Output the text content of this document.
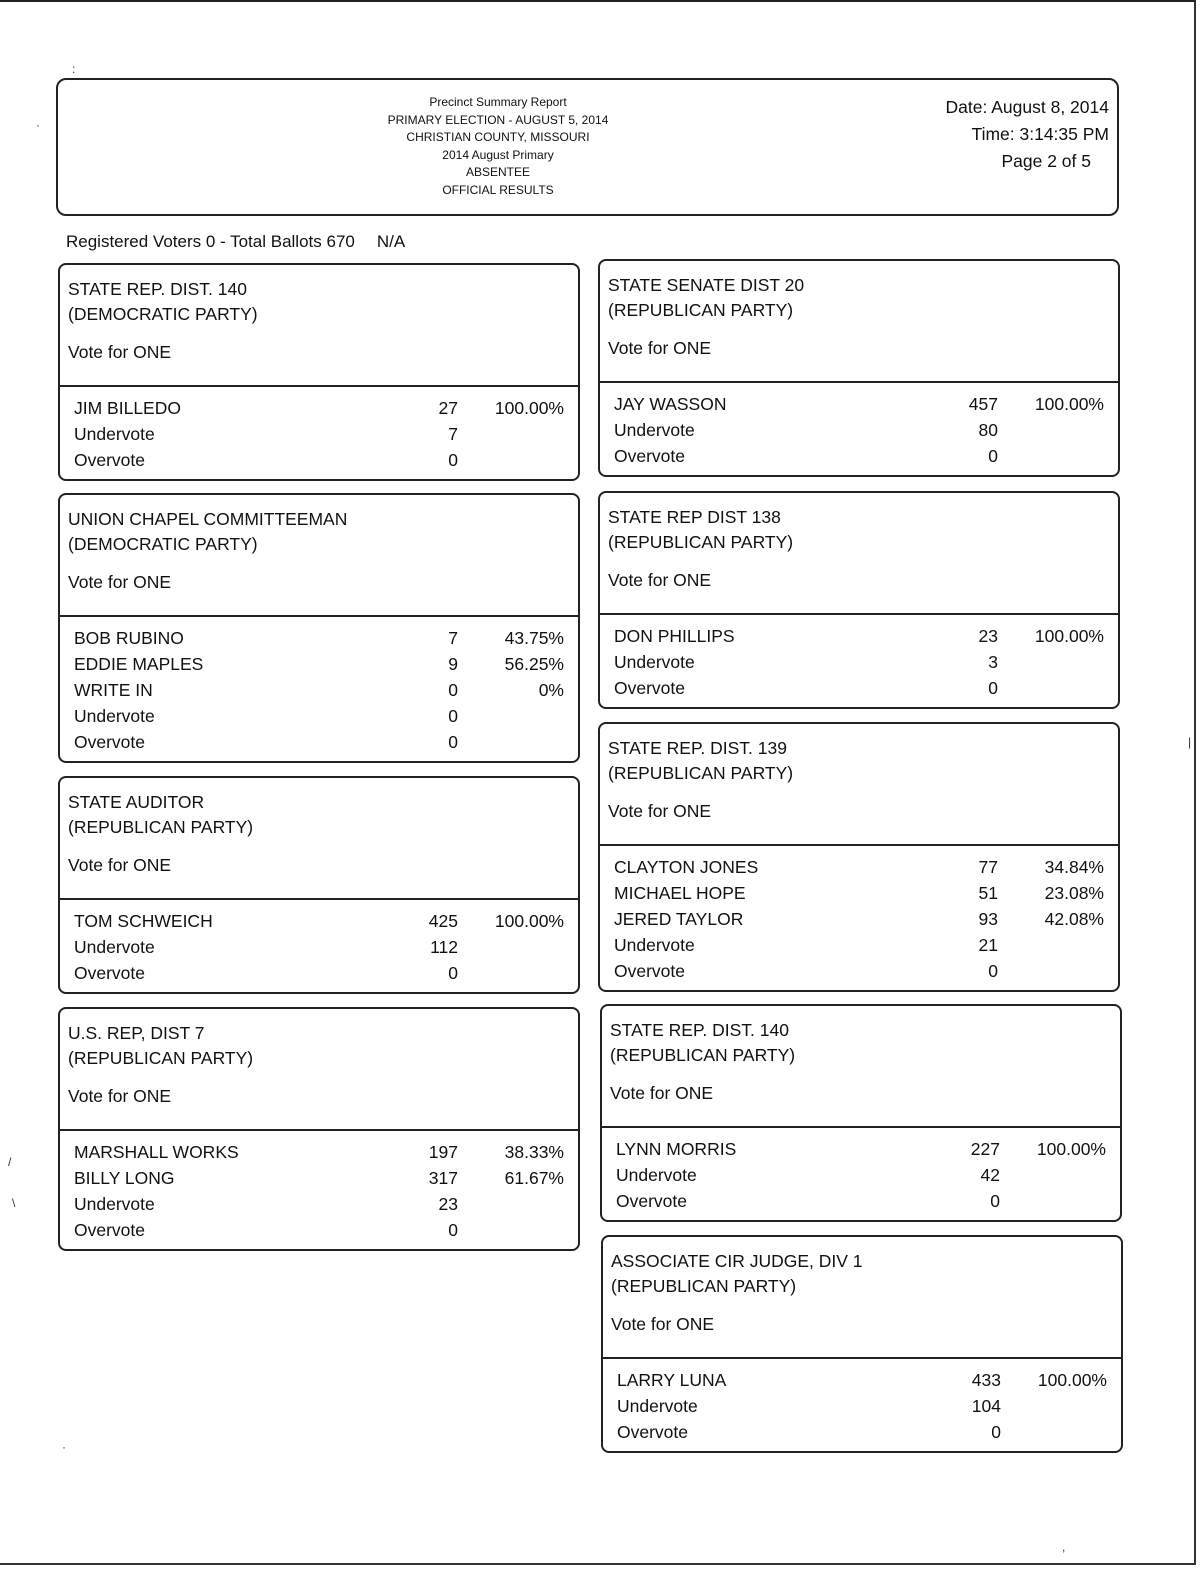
:
·
Precinct Summary Report
PRIMARY ELECTION - AUGUST 5, 2014
CHRISTIAN COUNTY, MISSOURI
2014 August Primary
ABSENTEE
OFFICIAL RESULTS
Date: August 8, 2014
Time: 3:14:35 PM
Page 2 of 5
Registered Voters 0 - Total Ballots 670 N/A
STATE REP. DIST. 140
(DEMOCRATIC PARTY)
Vote for ONE
JIM BILLEDO	27 100.00%
Undervote	7
Overvote	0
UNION CHAPEL COMMITTEEMAN
(DEMOCRATIC PARTY)
Vote for ONE
BOB RUBINO	7	43.75%
EDDIE MAPLES	9	56.25%
WRITE IN	0	0%
Undervote	0
Overvote	0
STATE AUDITOR
(REPUBLICAN PARTY)
Vote for ONE
TOM SCHWEICH	425 100.00%
Undervote	112
Overvote	0
U.S. REP, DIST 7
(REPUBLICAN PARTY)
Vote for ONE
MARSHALL WORKS	197	38.33%
BILLY LONG	317	61.67%
Undervote	23
Overvote	0
STATE SENATE DIST 20
(REPUBLICAN PARTY)
Vote for ONE
JAY WASSON	457 100.00%
Undervote	80
Overvote	0
STATE REP DIST 138
(REPUBLICAN PARTY)
Vote for ONE
DON PHILLIPS	23 100.00%
Undervote	3
Overvote	0
STATE REP. DIST. 139
(REPUBLICAN PARTY)
Vote for ONE
CLAYTON JONES	77	34.84%
MICHAEL HOPE	51	23.08%
JERED TAYLOR	93	42.08%
Undervote	21
Overvote	0
STATE REP. DIST. 140
(REPUBLICAN PARTY)
Vote for ONE
LYNN MORRIS	227 100.00%
Undervote	42
Overvote	0
ASSOCIATE CIR JUDGE, DIV 1
(REPUBLICAN PARTY)
Vote for ONE
LARRY LUNA	433 100.00%
Undervote	104
Overvote	0
/
\
·
,
|
